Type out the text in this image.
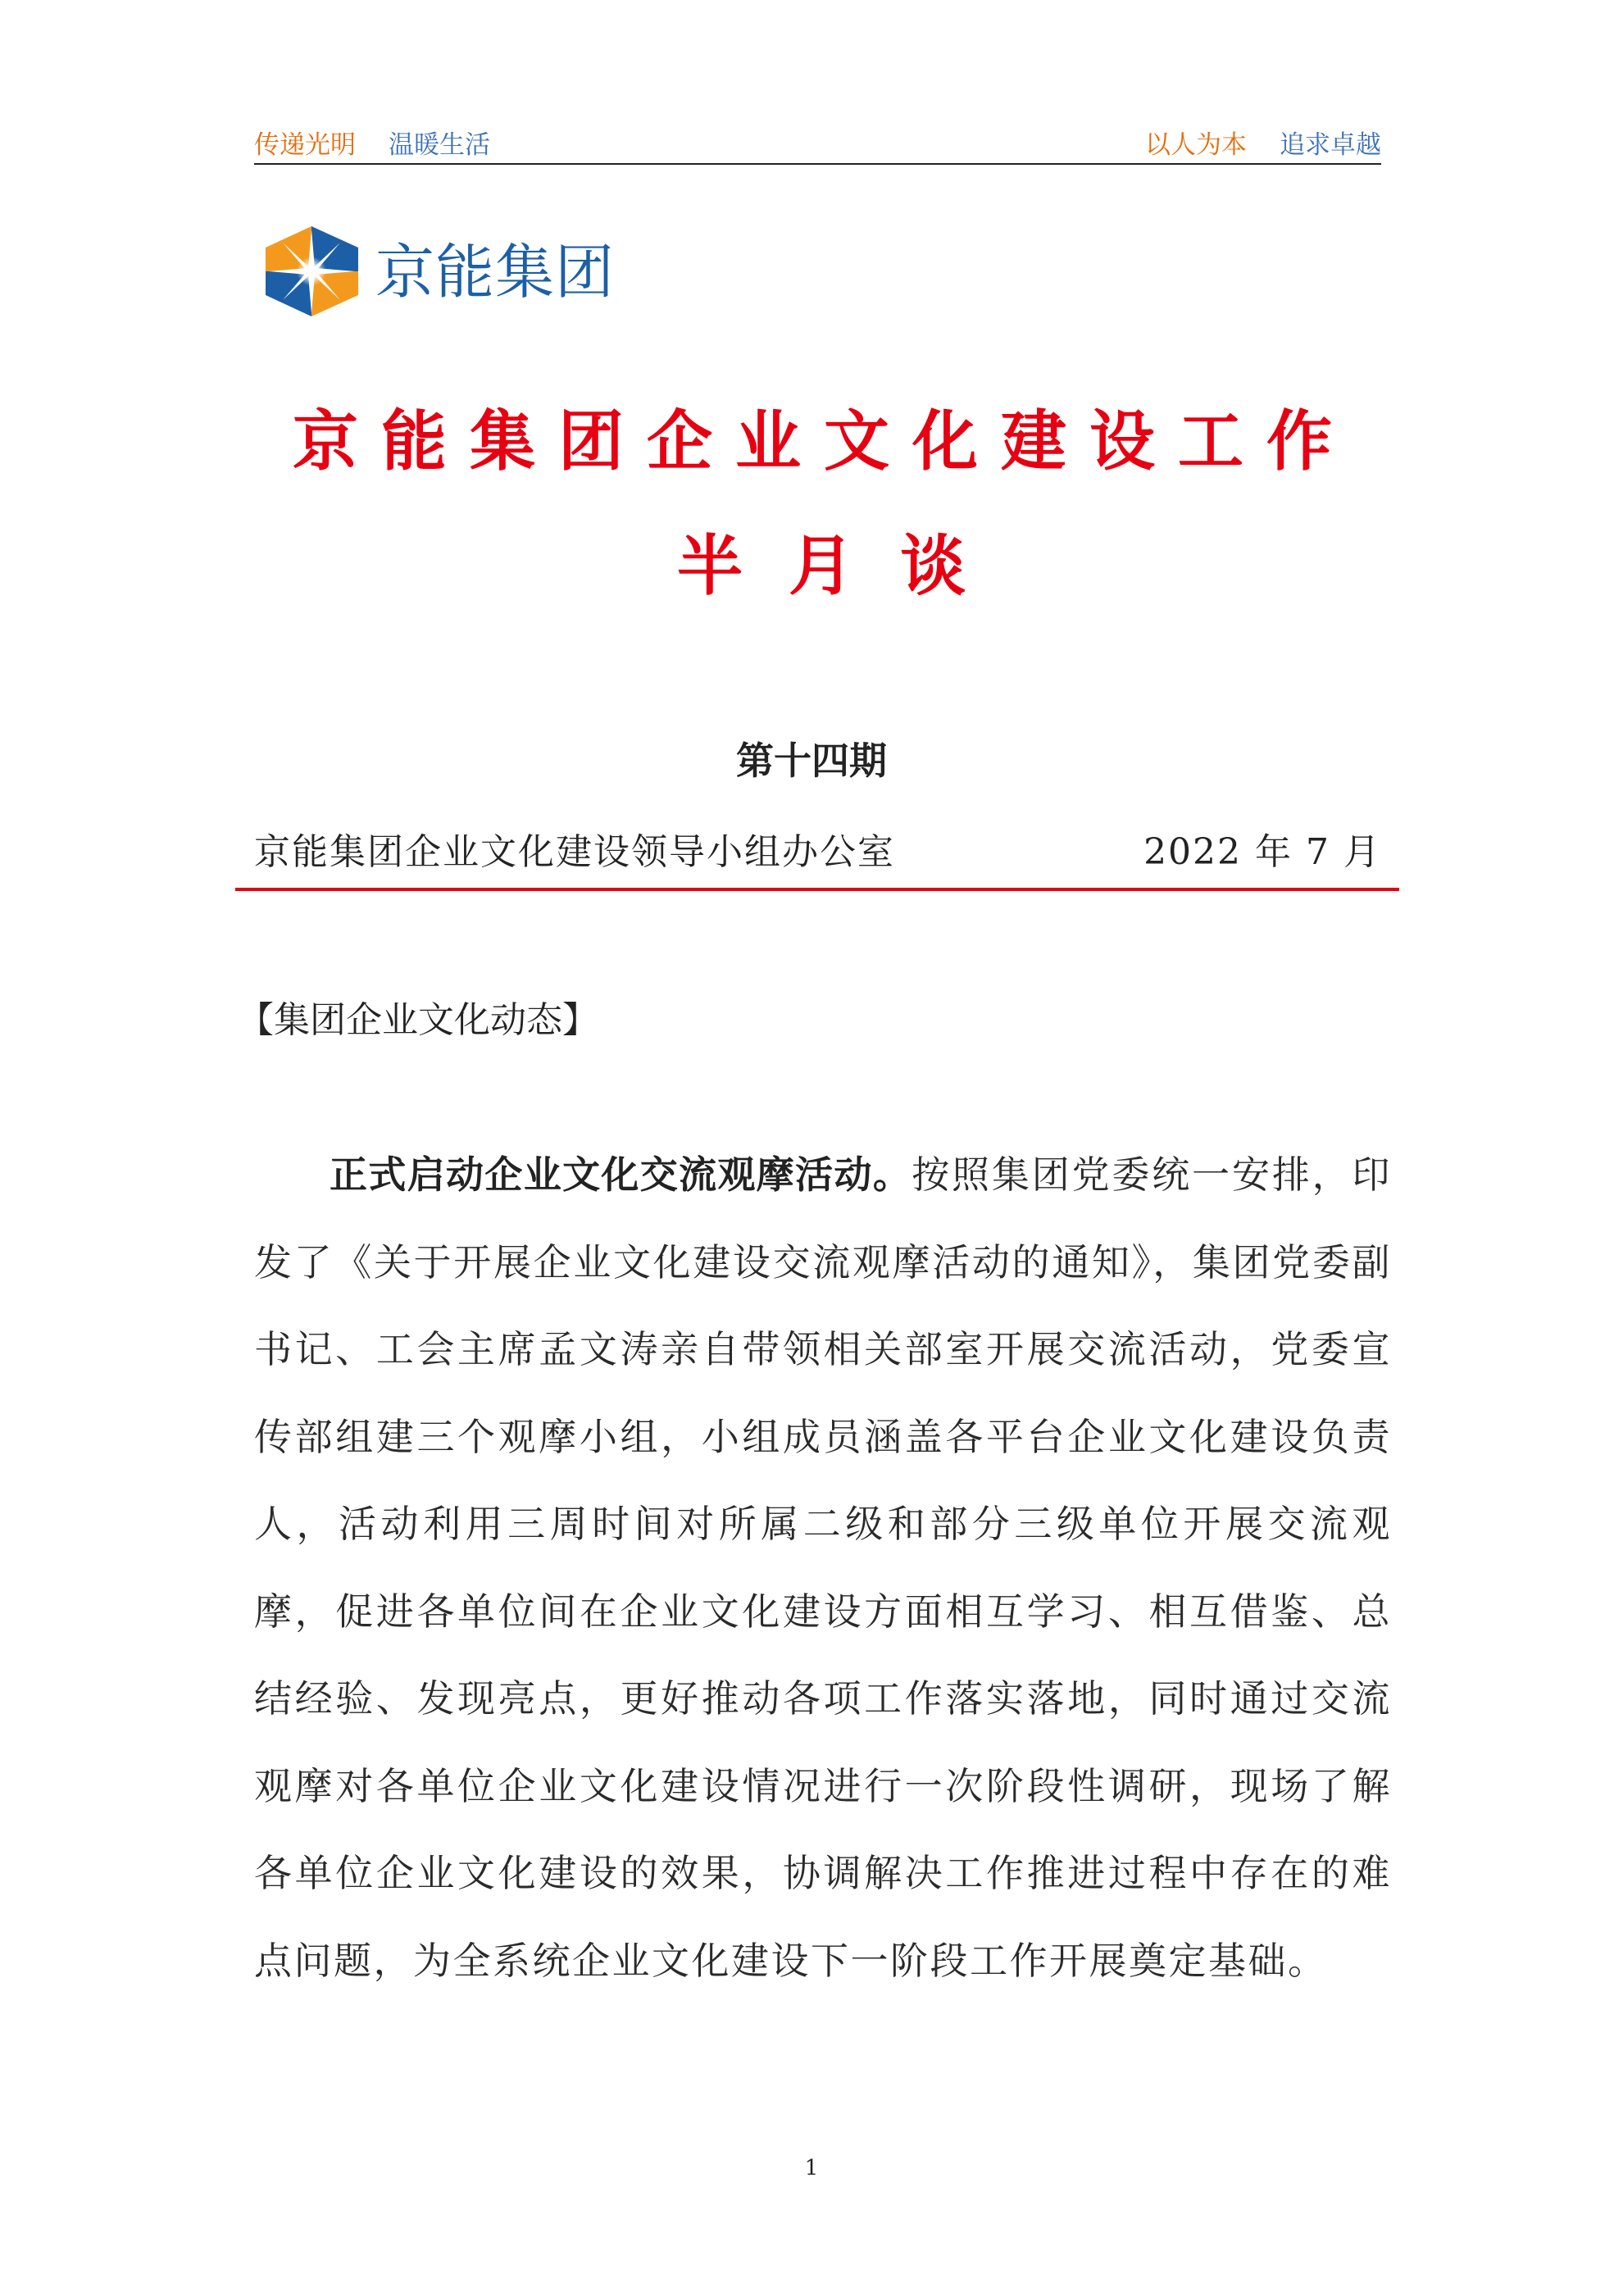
传递光明 温暖生活	以人为本 追求卓越
京能集团
京能集团企业文化建设工作
半月谈
第十四期
京能集团企业文化建设领导小组办公室	2022 年 7 月
【集团企业文化动态】

正式启动企业文化交流观摩活动。按照集团党委统一安排，印发了《关于开展企业文化建设交流观摩活动的通知》，集团党委副书记、工会主席孟文涛亲自带领相关部室开展交流活动，党委宣传部组建三个观摩小组，小组成员涵盖各平台企业文化建设负责人，活动利用三周时间对所属二级和部分三级单位开展交流观摩，促进各单位间在企业文化建设方面相互学习、相互借鉴、总结经验、发现亮点，更好推动各项工作落实落地，同时通过交流观摩对各单位企业文化建设情况进行一次阶段性调研，现场了解各单位企业文化建设的效果，协调解决工作推进过程中存在的难点问题，为全系统企业文化建设下一阶段工作开展奠定基础。

1
